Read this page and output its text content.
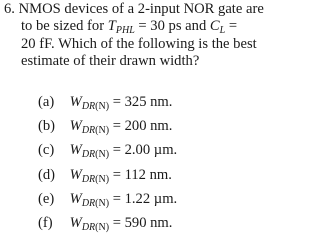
6. NMOS devices of a 2-input NOR gate are
to be sized for $T_{PHL} = 30$ ps and $C_L$ =
20 fF. Which of the following is the best
estimate of their drawn width?
(a) $W_{DR(N)} = 325$ nm.
(b) $W_{DR(N)} = 200$ nm.
(c) $W_{DR(N)} = 2.00$ µm.
(d) $W_{DR(N)} = 112$ nm.
(e) $W_{DR(N)} = 1.22$ µm.
(f) $W_{DR(N)} = 590$ nm.
